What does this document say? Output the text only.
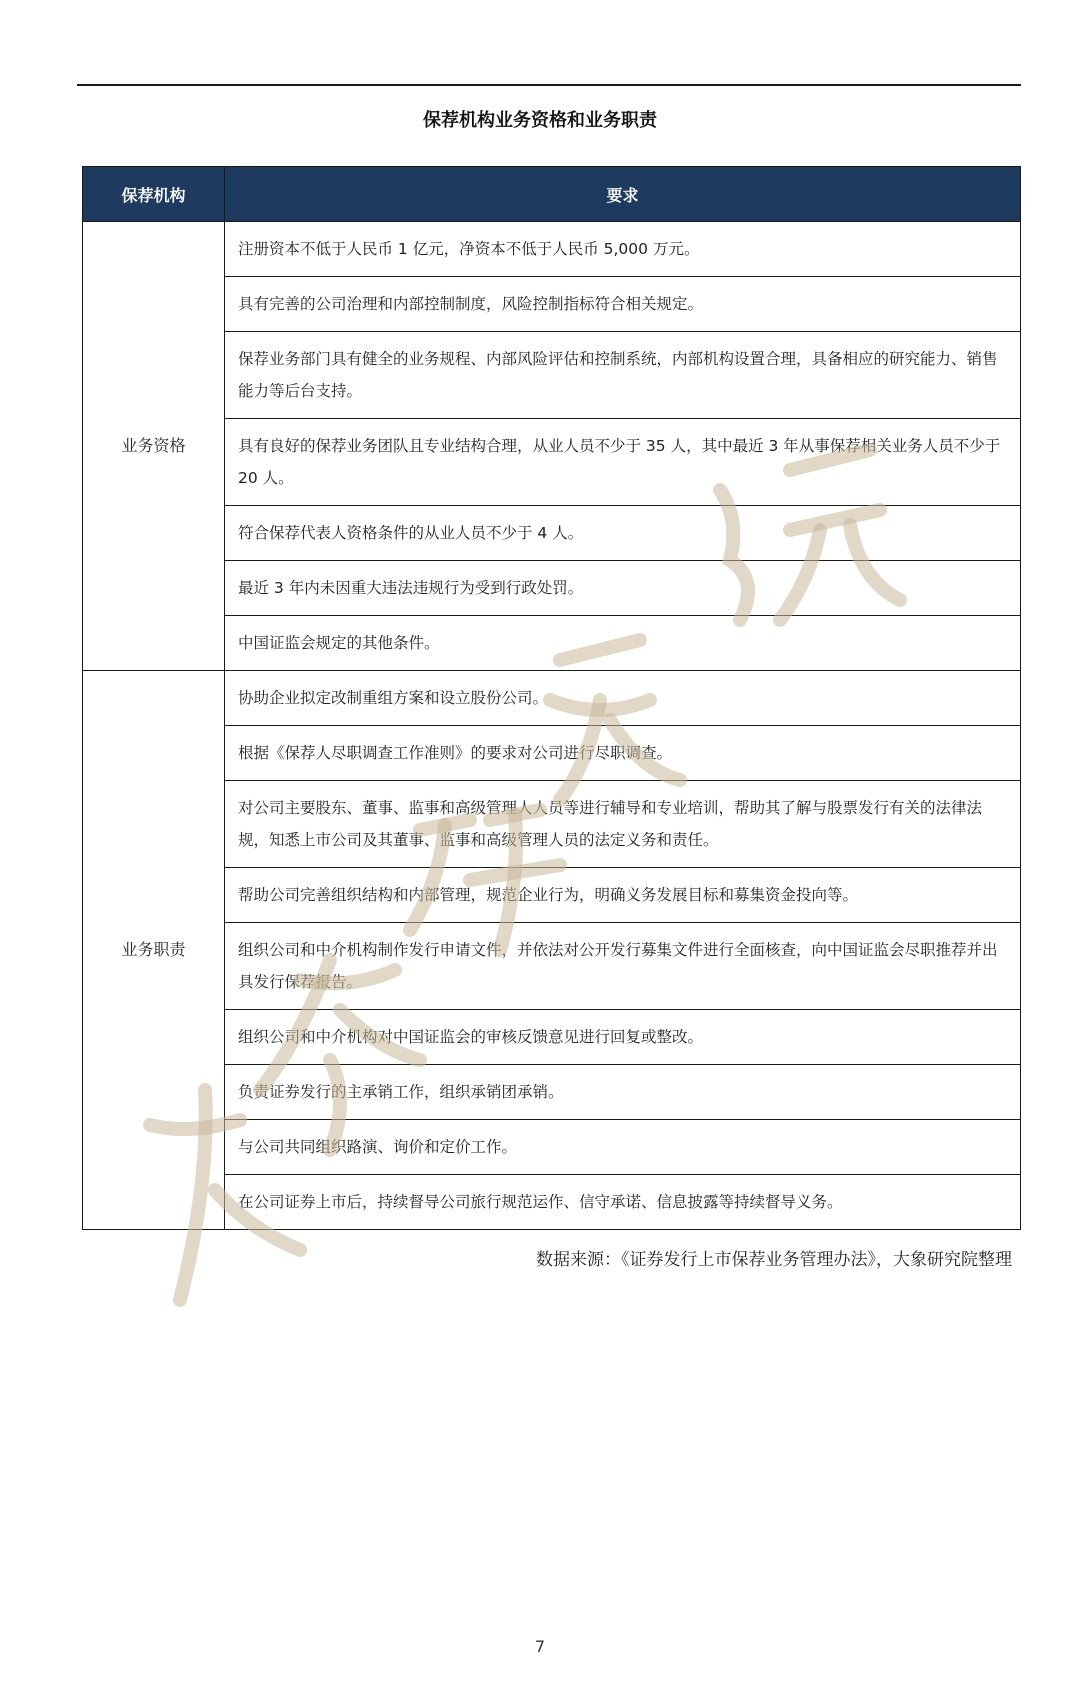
保荐机构业务资格和业务职责
保荐机构	要求
业务资格	注册资本不低于人民币 1 亿元，净资本不低于人民币 5,000 万元。
	具有完善的公司治理和内部控制制度，风险控制指标符合相关规定。
	保荐业务部门具有健全的业务规程、内部风险评估和控制系统，内部机构设置合理，具备相应的研究能力、销售能力等后台支持。
	具有良好的保荐业务团队且专业结构合理，从业人员不少于 35 人，其中最近 3 年从事保荐相关业务人员不少于 20 人。
	符合保荐代表人资格条件的从业人员不少于 4 人。
	最近 3 年内未因重大违法违规行为受到行政处罚。
	中国证监会规定的其他条件。
业务职责	协助企业拟定改制重组方案和设立股份公司。
	根据《保荐人尽职调查工作准则》的要求对公司进行尽职调查。
	对公司主要股东、董事、监事和高级管理人人员等进行辅导和专业培训，帮助其了解与股票发行有关的法律法规，知悉上市公司及其董事、监事和高级管理人员的法定义务和责任。
	帮助公司完善组织结构和内部管理，规范企业行为，明确义务发展目标和募集资金投向等。
	组织公司和中介机构制作发行申请文件，并依法对公开发行募集文件进行全面核查，向中国证监会尽职推荐并出具发行保荐报告。
	组织公司和中介机构对中国证监会的审核反馈意见进行回复或整改。
	负责证券发行的主承销工作，组织承销团承销。
	与公司共同组织路演、询价和定价工作。
	在公司证券上市后，持续督导公司旅行规范运作、信守承诺、信息披露等持续督导义务。
数据来源：《证券发行上市保荐业务管理办法》，大象研究院整理
7
